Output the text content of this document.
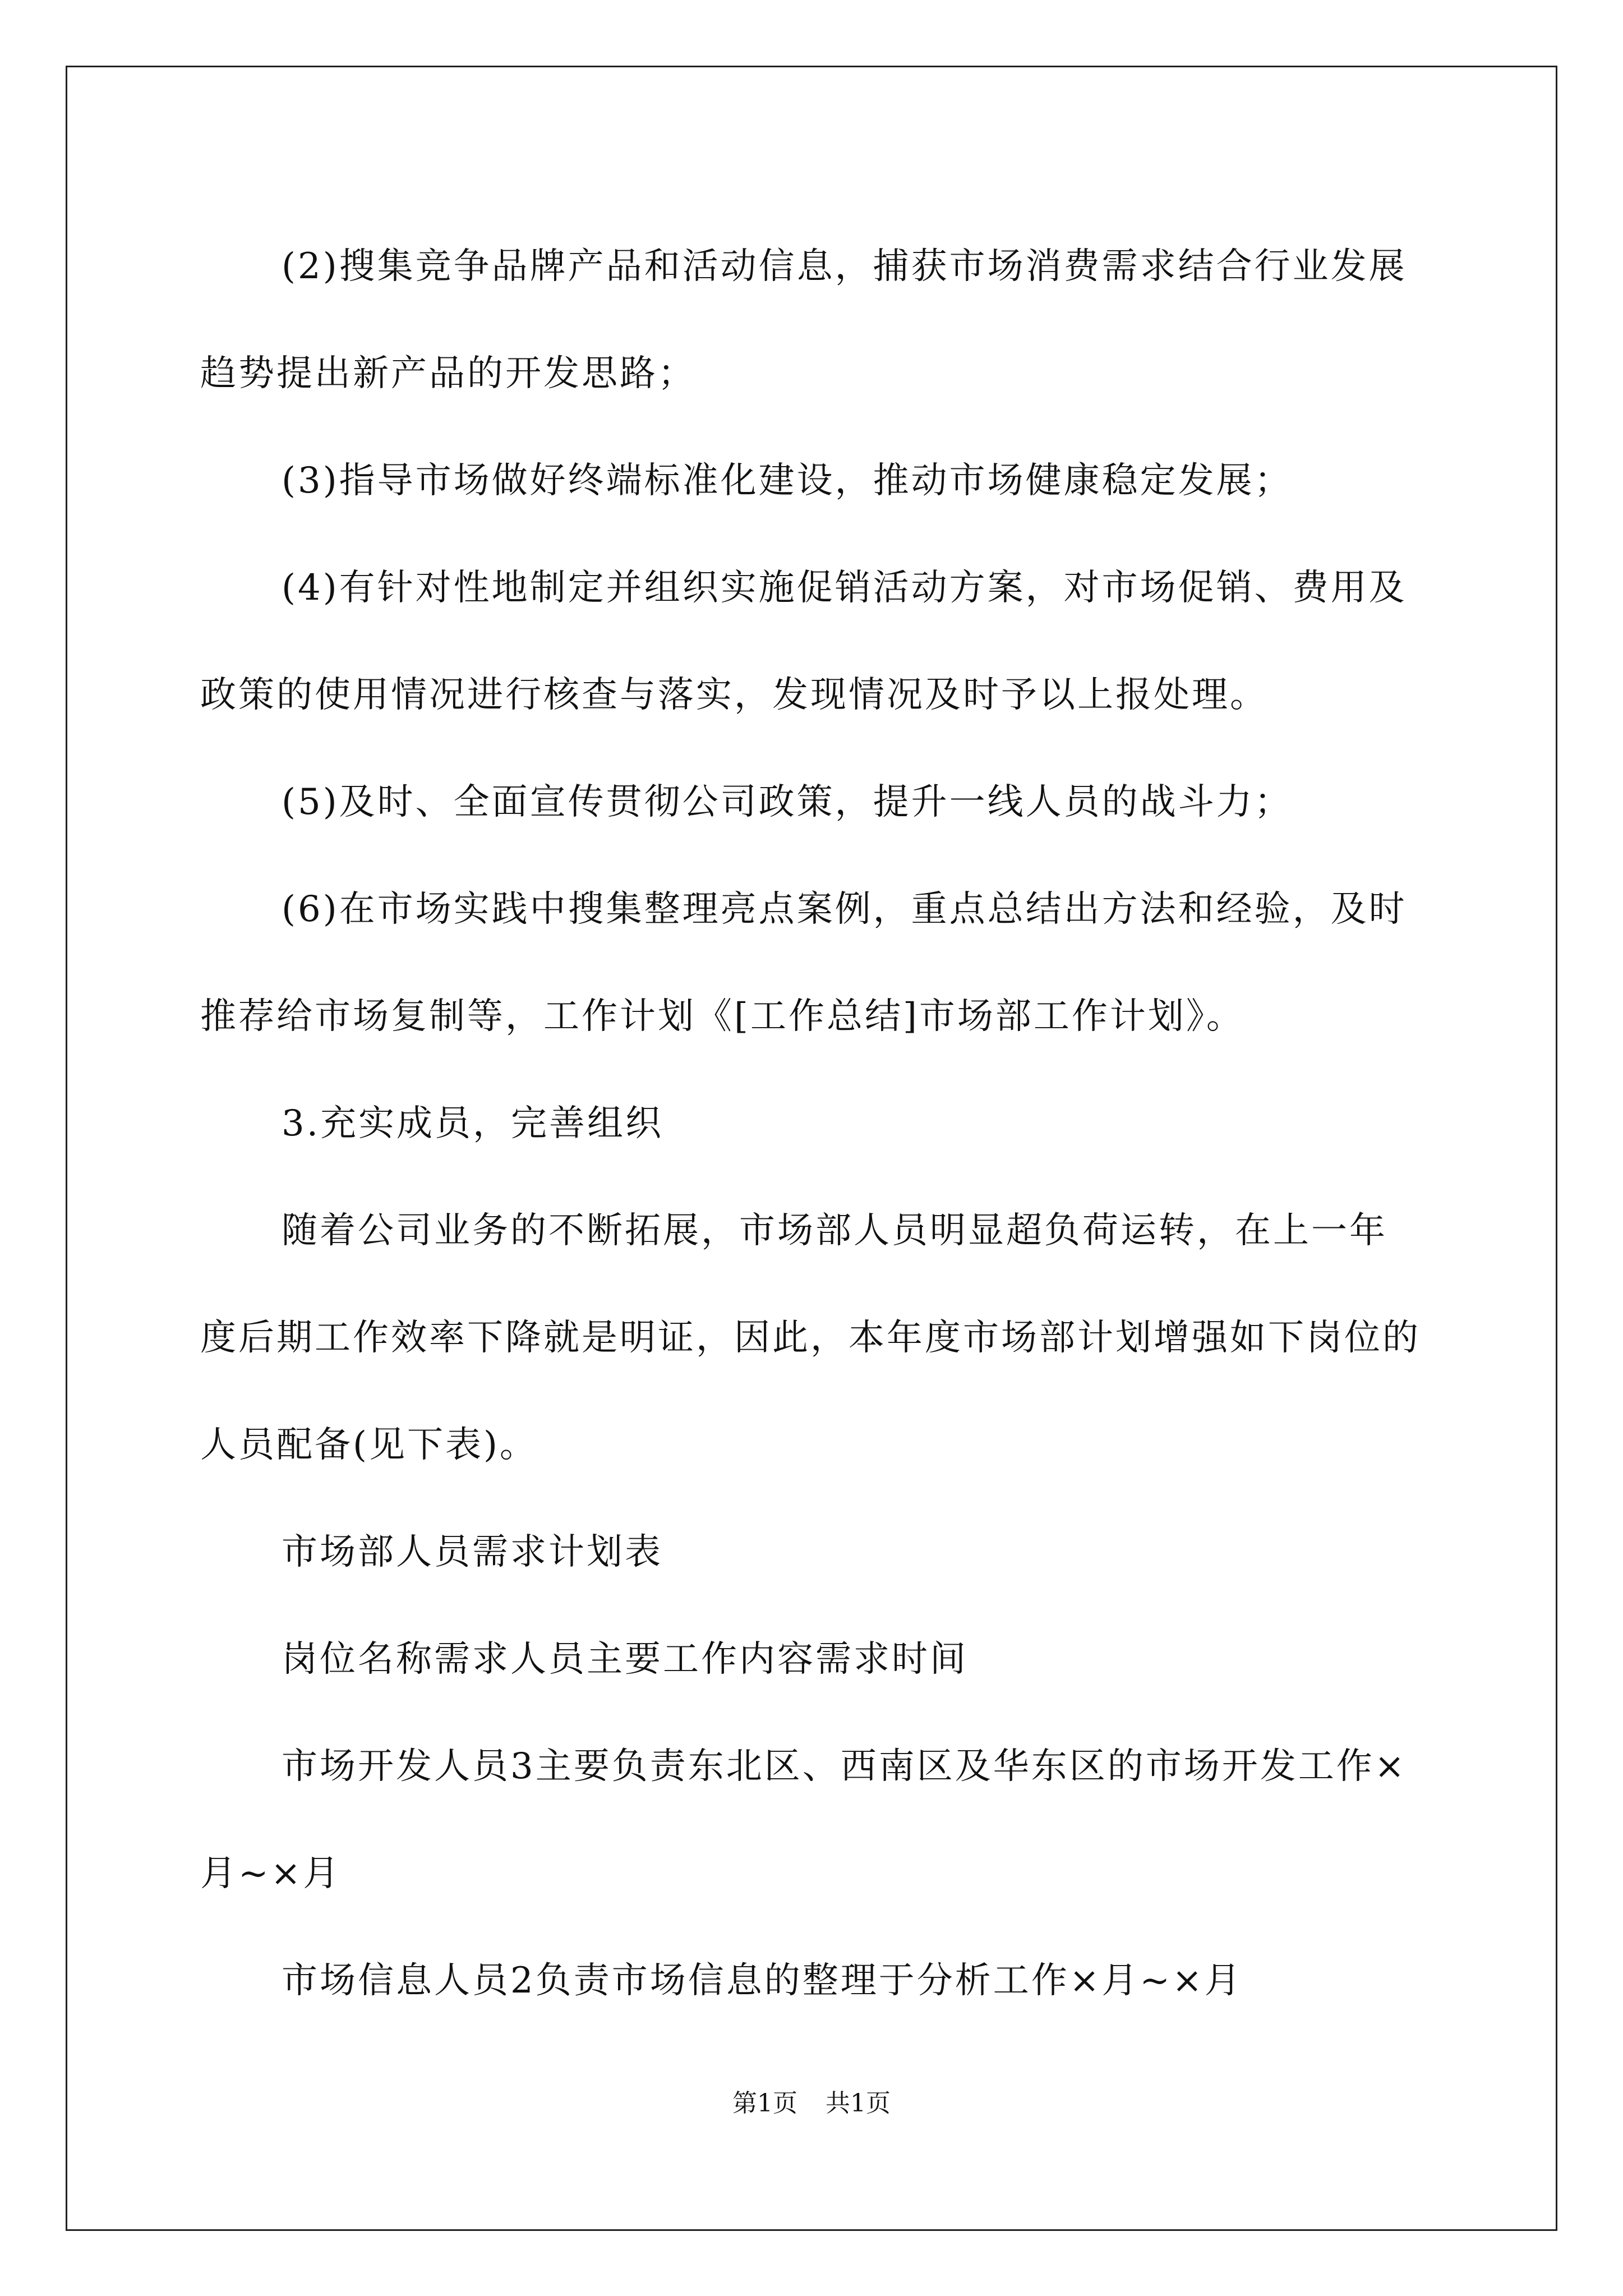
(2)搜集竞争品牌产品和活动信息，捕获市场消费需求结合行业发展趋势提出新产品的开发思路；

(3)指导市场做好终端标准化建设，推动市场健康稳定发展；

(4)有针对性地制定并组织实施促销活动方案，对市场促销、费用及政策的使用情况进行核查与落实，发现情况及时予以上报处理。

(5)及时、全面宣传贯彻公司政策，提升一线人员的战斗力；

(6)在市场实践中搜集整理亮点案例，重点总结出方法和经验，及时推荐给市场复制等，工作计划《[工作总结]市场部工作计划》。

3.充实成员，完善组织

随着公司业务的不断拓展，市场部人员明显超负荷运转，在上一年度后期工作效率下降就是明证，因此，本年度市场部计划增强如下岗位的人员配备(见下表)。

市场部人员需求计划表

岗位名称需求人员主要工作内容需求时间

市场开发人员3主要负责东北区、西南区及华东区的市场开发工作×月~×月

市场信息人员2负责市场信息的整理于分析工作×月~×月

第1页 共1页
